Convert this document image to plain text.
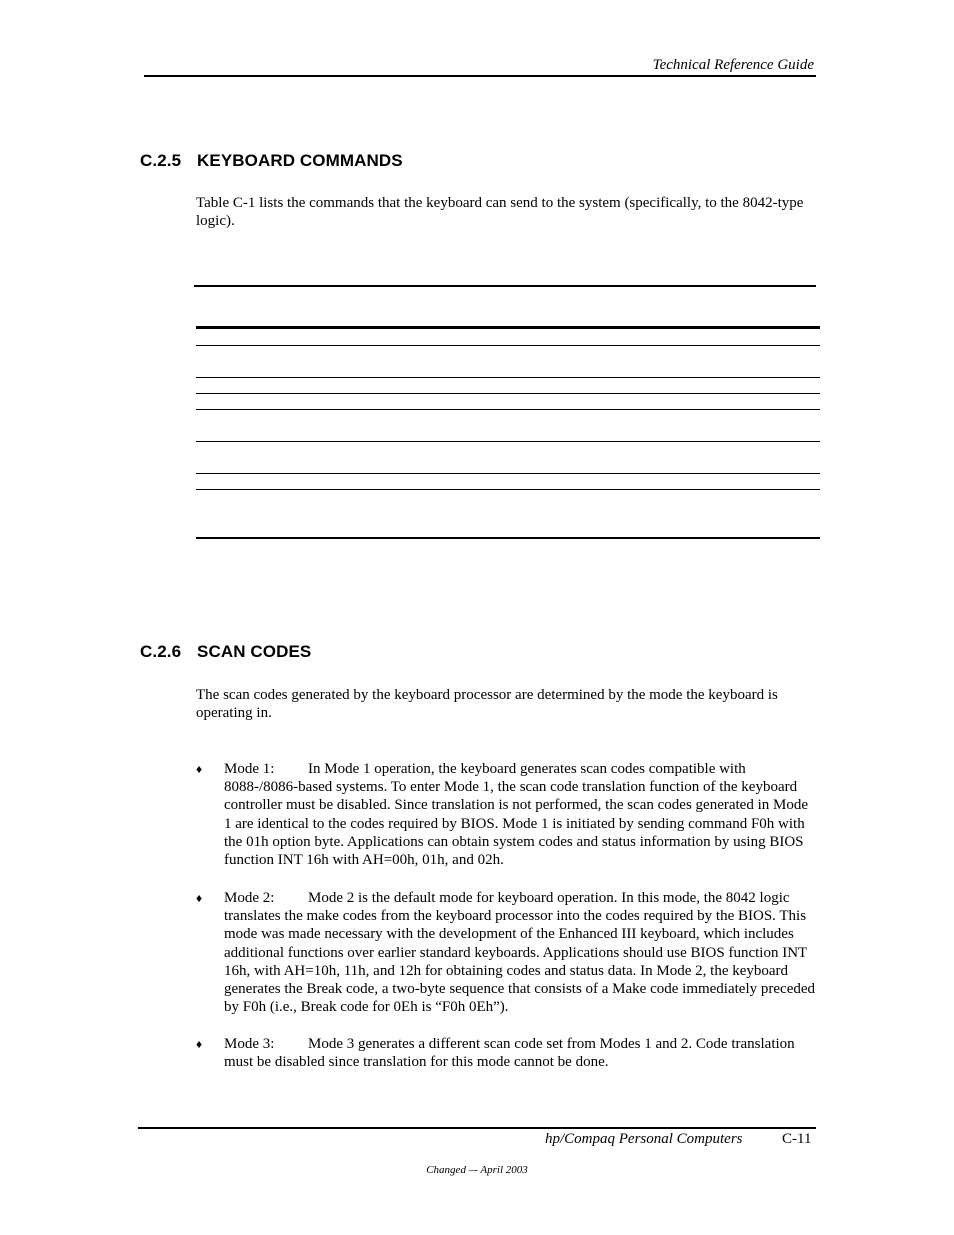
Technical Reference Guide
C.2.5 KEYBOARD COMMANDS
Table C-1 lists the commands that the keyboard can send to the system (specifically, to the 8042-type logic).
C.2.6 SCAN CODES
The scan codes generated by the keyboard processor are determined by the mode the keyboard is operating in.
♦ Mode 1: In Mode 1 operation, the keyboard generates scan codes compatible with 8088-/8086-based systems. To enter Mode 1, the scan code translation function of the keyboard controller must be disabled. Since translation is not performed, the scan codes generated in Mode 1 are identical to the codes required by BIOS. Mode 1 is initiated by sending command F0h with the 01h option byte. Applications can obtain system codes and status information by using BIOS function INT 16h with AH=00h, 01h, and 02h.
♦ Mode 2: Mode 2 is the default mode for keyboard operation. In this mode, the 8042 logic translates the make codes from the keyboard processor into the codes required by the BIOS. This mode was made necessary with the development of the Enhanced III keyboard, which includes additional functions over earlier standard keyboards. Applications should use BIOS function INT 16h, with AH=10h, 11h, and 12h for obtaining codes and status data. In Mode 2, the keyboard generates the Break code, a two-byte sequence that consists of a Make code immediately preceded by F0h (i.e., Break code for 0Eh is “F0h 0Eh”).
♦ Mode 3: Mode 3 generates a different scan code set from Modes 1 and 2. Code translation must be disabled since translation for this mode cannot be done.
hp/Compaq Personal Computers	C-11
Changed –- April 2003
